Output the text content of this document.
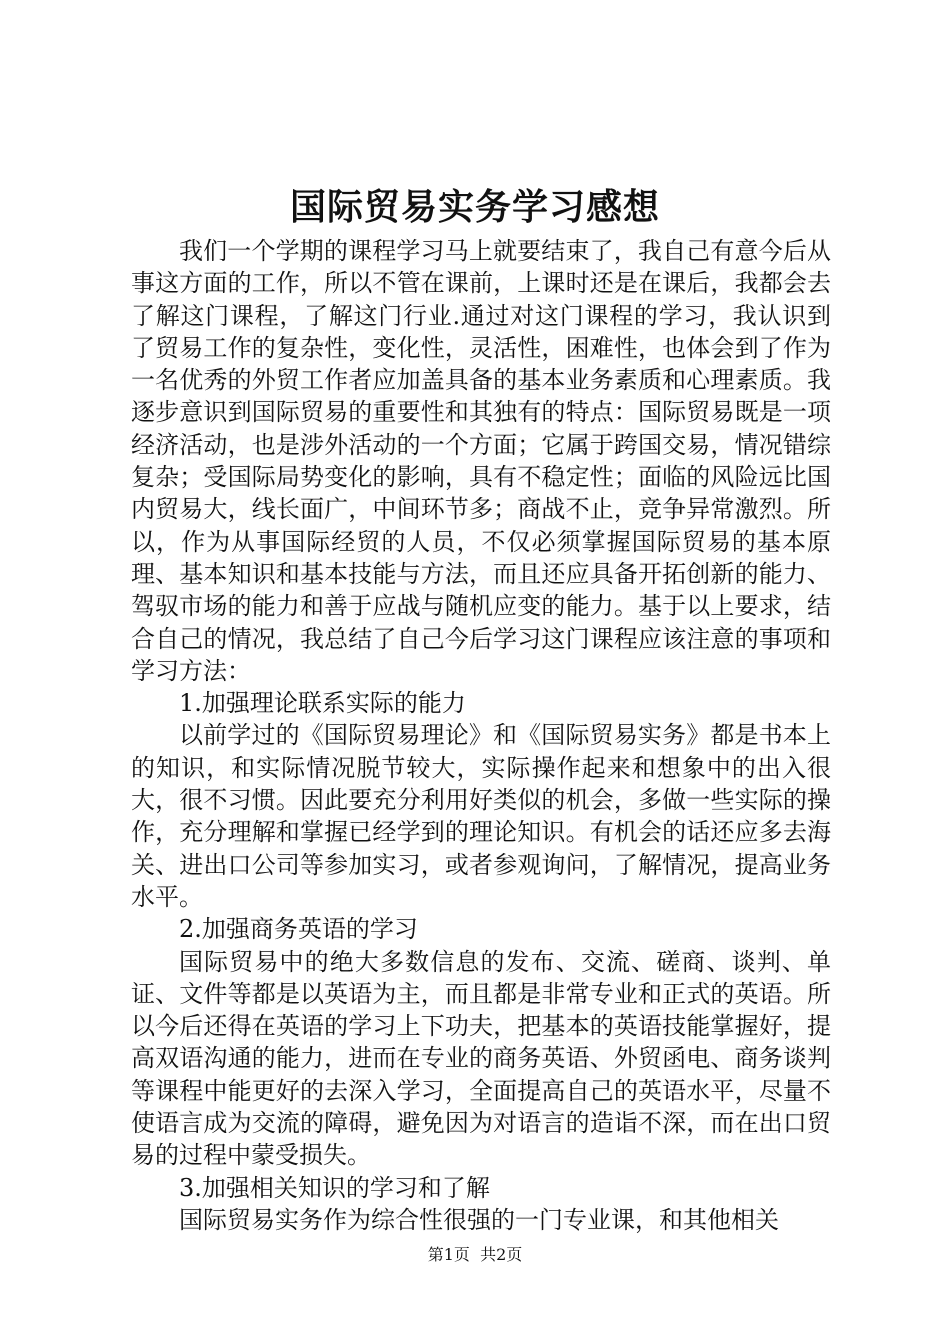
国际贸易实务学习感想

我们一个学期的课程学习马上就要结束了，我自己有意今后从事这方面的工作，所以不管在课前，上课时还是在课后，我都会去了解这门课程，了解这门行业.通过对这门课程的学习，我认识到了贸易工作的复杂性，变化性，灵活性，困难性，也体会到了作为一名优秀的外贸工作者应加盖具备的基本业务素质和心理素质。我逐步意识到国际贸易的重要性和其独有的特点：国际贸易既是一项经济活动，也是涉外活动的一个方面；它属于跨国交易，情况错综复杂；受国际局势变化的影响，具有不稳定性；面临的风险远比国内贸易大，线长面广，中间环节多；商战不止，竞争异常激烈。所以，作为从事国际经贸的人员，不仅必须掌握国际贸易的基本原理、基本知识和基本技能与方法，而且还应具备开拓创新的能力、驾驭市场的能力和善于应战与随机应变的能力。基于以上要求，结合自己的情况，我总结了自己今后学习这门课程应该注意的事项和学习方法：

1.加强理论联系实际的能力

以前学过的《国际贸易理论》和《国际贸易实务》都是书本上的知识，和实际情况脱节较大，实际操作起来和想象中的出入很大，很不习惯。因此要充分利用好类似的机会，多做一些实际的操作，充分理解和掌握已经学到的理论知识。有机会的话还应多去海关、进出口公司等参加实习，或者参观询问，了解情况，提高业务水平。

2.加强商务英语的学习

国际贸易中的绝大多数信息的发布、交流、磋商、谈判、单证、文件等都是以英语为主，而且都是非常专业和正式的英语。所以今后还得在英语的学习上下功夫，把基本的英语技能掌握好，提高双语沟通的能力，进而在专业的商务英语、外贸函电、商务谈判等课程中能更好的去深入学习，全面提高自己的英语水平，尽量不使语言成为交流的障碍，避免因为对语言的造诣不深，而在出口贸易的过程中蒙受损失。

3.加强相关知识的学习和了解

国际贸易实务作为综合性很强的一门专业课，和其他相关

第1页 共2页
